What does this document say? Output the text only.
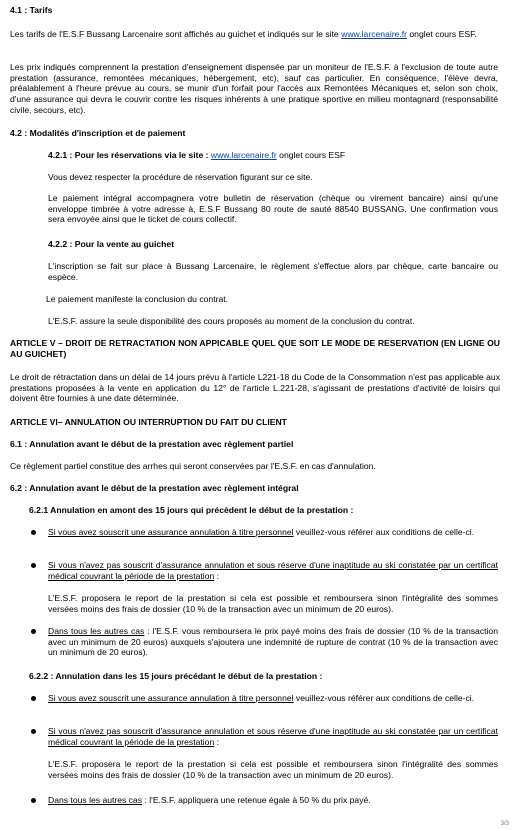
4.1 : Tarifs

Les tarifs de l'E.S.F Bussang Larcenaire sont affichés au guichet et indiqués sur le site www.larcenaire.fr onglet cours ESF.

Les prix indiqués comprennent la prestation d'enseignement dispensée par un moniteur de l'E.S.F. à l'exclusion de toute autre prestation (assurance, remontées mécaniques, hébergement, etc), sauf cas particulier. En conséquence, l'élève devra, préalablement à l'heure prévue au cours, se munir d'un forfait pour l'accès aux Remontées Mécaniques et, selon son choix, d'une assurance qui devra le couvrir contre les risques inhérents à une pratique sportive en milieu montagnard (responsabilité civile, secours, etc).

4.2 : Modalités d'inscription et de paiement
4.2.1 : Pour les réservations via le site : www.larcenaire.fr onglet cours ESF

Vous devez respecter la procédure de réservation figurant sur ce site.

Le paiement intégral accompagnera votre bulletin de réservation (chèque ou virement bancaire) ainsi qu'une enveloppe timbrée à votre adresse à, E.S.F Bussang 80 route de sauté 88540 BUSSANG. Une confirmation vous sera envoyée ainsi que le ticket de cours collectif.

4.2.2 : Pour la vente au guichet

L'inscription se fait sur place à Bussang Larcenaire, le règlement s'effectue alors par chèque, carte bancaire ou espèce.

Le paiement manifeste la conclusion du contrat.

L'E.S.F. assure la seule disponibilité des cours proposés au moment de la conclusion du contrat.

ARTICLE V – DROIT DE RETRACTATION NON APPICABLE QUEL QUE SOIT LE MODE DE RESERVATION (EN LIGNE OU AU GUICHET)

Le droit de rétractation dans un délai de 14 jours prévu à l'article L221-18 du Code de la Consommation n'est pas applicable aux prestations proposées à la vente en application du 12° de l'article L.221-28, s'agissant de prestations d'activité de loisirs qui doivent être fournies à une date déterminée.

ARTICLE VI– ANNULATION OU INTERRUPTION DU FAIT DU CLIENT
6.1 : Annulation avant le début de la prestation avec règlement partiel

Ce règlement partiel constitue des arrhes qui seront conservées par l'E.S.F. en cas d'annulation.

6.2 : Annulation avant le début de la prestation avec règlement intégral
6.2.1 Annulation en amont des 15 jours qui précèdent le début de la prestation :

Si vous avez souscrit une assurance annulation à titre personnel veuillez-vous référer aux conditions de celle-ci.

Si vous n'avez pas souscrit d'assurance annulation et sous réserve d'une inaptitude au ski constatée par un certificat médical couvrant la période de la prestation :

L'E.S.F. proposera le report de la prestation si cela est possible et remboursera sinon l'intégralité des sommes versées moins des frais de dossier (10 % de la transaction avec un minimum de 20 euros).

Dans tous les autres cas : l'E.S.F. vous remboursera le prix payé moins des frais de dossier (10 % de la transaction avec un minimum de 20 euros) auxquels s'ajoutera une indemnité de rupture de contrat (10 % de la transaction avec un minimum de 20 euros).

6.2.2 : Annulation dans les 15 jours précédant le début de la prestation :

Si vous avez souscrit une assurance annulation à titre personnel veuillez-vous référer aux conditions de celle-ci.

Si vous n'avez pas souscrit d'assurance annulation et sous réserve d'une inaptitude au ski constatée par un certificat médical couvrant la période de la prestation :

L'E.S.F. proposera le report de la prestation si cela est possible et remboursera sinon l'intégralité des sommes versées moins des frais de dossier (10 % de la transaction avec un minimum de 20 euros).

Dans tous les autres cas : l'E.S.F. appliquera une retenue égale à 50 % du prix payé.

3/3
